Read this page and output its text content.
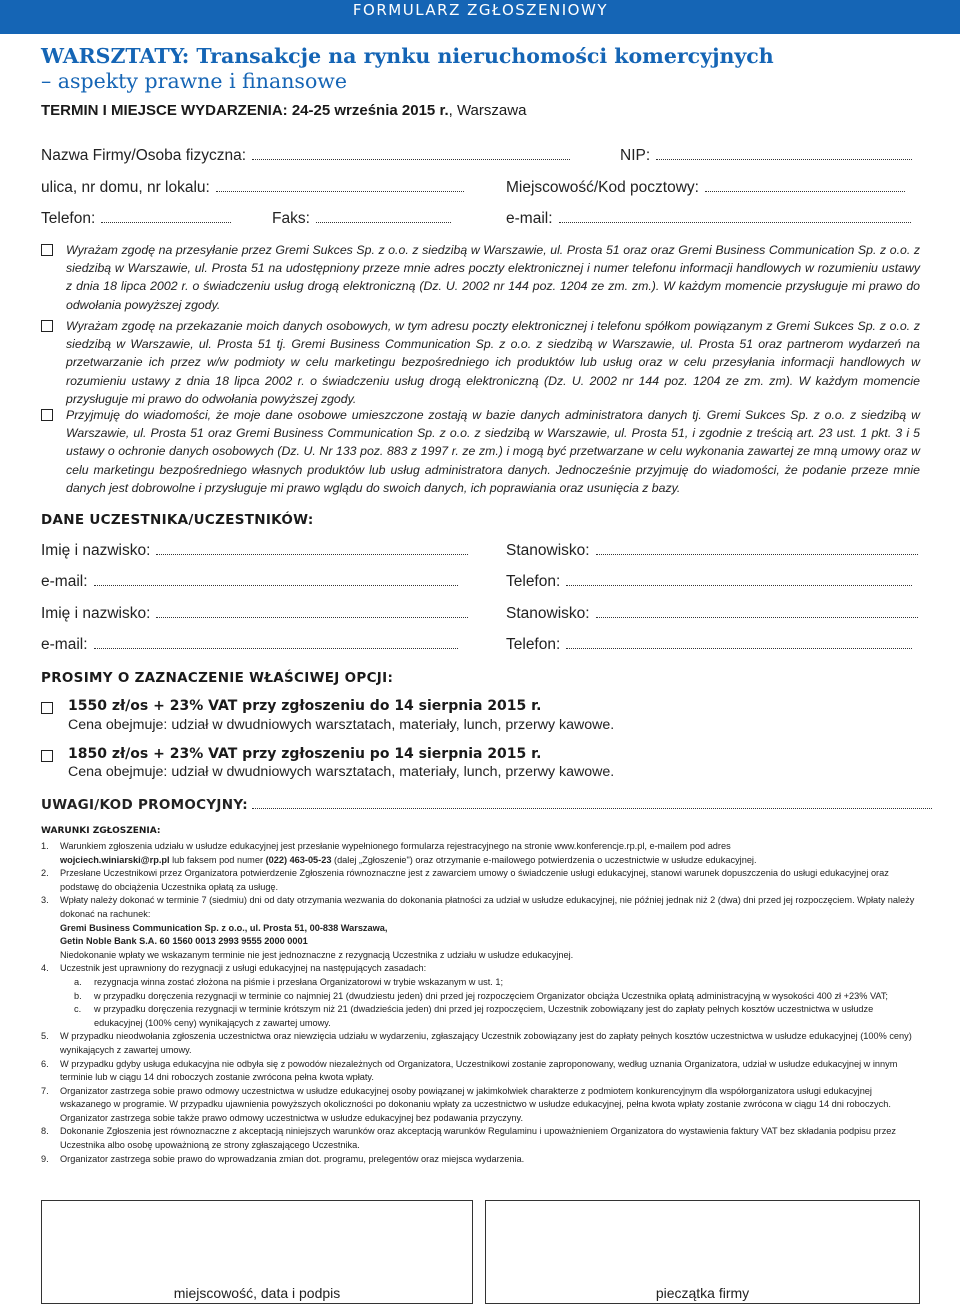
FORMULARZ ZGŁOSZENIOWY
WARSZTATY: Transakcje na rynku nieruchomości komercyjnych
– aspekty prawne i finansowe
TERMIN I MIEJSCE WYDARZENIA: 24-25 września 2015 r., Warszawa
Nazwa Firmy/Osoba fizyczna:	NIP:
ulica, nr domu, nr lokalu:	Miejscowość/Kod pocztowy:
Telefon:	Faks:	e-mail:
Wyrażam zgodę na przesyłanie przez Gremi Sukces Sp. z o.o. z siedzibą w Warszawie, ul. Prosta 51 oraz oraz Gremi Business Communication Sp. z o.o. z siedzibą w Warszawie, ul. Prosta 51 na udostępniony przeze mnie adres poczty elektronicznej i numer telefonu informacji handlowych w rozumieniu ustawy z dnia 18 lipca 2002 r. o świadczeniu usług drogą elektroniczną (Dz. U. 2002 nr 144 poz. 1204 ze zm. zm.). W każdym momencie przysługuje mi prawo do odwołania powyższej zgody.
Wyrażam zgodę na przekazanie moich danych osobowych, w tym adresu poczty elektronicznej i telefonu spółkom powiązanym z Gremi Sukces Sp. z o.o. z siedzibą w Warszawie, ul. Prosta 51 tj. Gremi Business Communication Sp. z o.o. z siedzibą w Warszawie, ul. Prosta 51 oraz partnerom wydarzeń na przetwarzanie ich przez w/w podmioty w celu marketingu bezpośredniego ich produktów lub usług oraz w celu przesyłania informacji handlowych w rozumieniu ustawy z dnia 18 lipca 2002 r. o świadczeniu usług drogą elektroniczną (Dz. U. 2002 nr 144 poz. 1204 ze zm. zm). W każdym momencie przysługuje mi prawo do odwołania powyższej zgody.
Przyjmuję do wiadomości, że moje dane osobowe umieszczone zostają w bazie danych administratora danych tj. Gremi Sukces Sp. z o.o. z siedzibą w Warszawie, ul. Prosta 51 oraz Gremi Business Communication Sp. z o.o. z siedzibą w Warszawie, ul. Prosta 51, i zgodnie z treścią art. 23 ust. 1 pkt. 3 i 5 ustawy o ochronie danych osobowych (Dz. U. Nr 133 poz. 883 z 1997 r. ze zm.) i mogą być przetwarzane w celu wykonania zawartej ze mną umowy oraz w celu marketingu bezpośredniego własnych produktów lub usług administratora danych. Jednocześnie przyjmuję do wiadomości, że podanie przeze mnie danych jest dobrowolne i przysługuje mi prawo wglądu do swoich danych, ich poprawiania oraz usunięcia z bazy.
DANE UCZESTNIKA/UCZESTNIKÓW:
Imię i nazwisko:	Stanowisko:
e-mail:	Telefon:
Imię i nazwisko:	Stanowisko:
e-mail:	Telefon:
PROSIMY O ZAZNACZENIE WŁAŚCIWEJ OPCJI:
1550 zł/os + 23% VAT przy zgłoszeniu do 14 sierpnia 2015 r.
Cena obejmuje: udział w dwudniowych warsztatach, materiały, lunch, przerwy kawowe.
1850 zł/os + 23% VAT przy zgłoszeniu po 14 sierpnia 2015 r.
Cena obejmuje: udział w dwudniowych warsztatach, materiały, lunch, przerwy kawowe.
UWAGI/KOD PROMOCYJNY:
WARUNKI ZGŁOSZENIA:
1.	Warunkiem zgłoszenia udziału w usłudze edukacyjnej jest przesłanie wypełnionego formularza rejestracyjnego na stronie www.konferencje.rp.pl, e-mailem pod adres
wojciech.winiarski@rp.pl lub faksem pod numer (022) 463-05-23 (dalej „Zgłoszenie") oraz otrzymanie e-mailowego potwierdzenia o uczestnictwie w usłudze edukacyjnej.
2.	Przesłane Uczestnikowi przez Organizatora potwierdzenie Zgłoszenia równoznaczne jest z zawarciem umowy o świadczenie usługi edukacyjnej, stanowi warunek dopuszczenia do usługi edukacyjnej oraz podstawę do obciążenia Uczestnika opłatą za usługę.
3.	Wpłaty należy dokonać w terminie 7 (siedmiu) dni od daty otrzymania wezwania do dokonania płatności za udział w usłudze edukacyjnej, nie później jednak niż 2 (dwa) dni przed jej rozpoczęciem. Wpłaty należy dokonać na rachunek:

Gremi Business Communication Sp. z o.o., ul. Prosta 51, 00-838 Warszawa,

Getin Noble Bank S.A. 60 1560 0013 2993 9555 2000 0001

Niedokonanie wpłaty we wskazanym terminie nie jest jednoznaczne z rezygnacją Uczestnika z udziału w usłudze edukacyjnej.

4.	Uczestnik jest uprawniony do rezygnacji z usługi edukacyjnej na następujących zasadach:
a.	rezygnacja winna zostać złożona na piśmie i przesłana Organizatorowi w trybie wskazanym w ust. 1;
b.	w przypadku doręczenia rezygnacji w terminie co najmniej 21 (dwudziestu jeden) dni przed jej rozpoczęciem Organizator obciąża Uczestnika opłatą administracyjną w wysokości 400 zł +23% VAT;
c.	w przypadku doręczenia rezygnacji w terminie krótszym niż 21 (dwadzieścia jeden) dni przed jej rozpoczęciem, Uczestnik zobowiązany jest do zapłaty pełnych kosztów uczestnictwa w usłudze edukacyjnej (100% ceny) wynikających z zawartej umowy.
5.	W przypadku nieodwołania zgłoszenia uczestnictwa oraz niewzięcia udziału w wydarzeniu, zgłaszający Uczestnik zobowiązany jest do zapłaty pełnych kosztów uczestnictwa w usłudze edukacyjnej (100% ceny) wynikających z zawartej umowy.
6.	W przypadku gdyby usługa edukacyjna nie odbyła się z powodów niezależnych od Organizatora, Uczestnikowi zostanie zaproponowany, według uznania Organizatora, udział w usłudze edukacyjnej w innym terminie lub w ciągu 14 dni roboczych zostanie zwrócona pełna kwota wpłaty.
7.	Organizator zastrzega sobie prawo odmowy uczestnictwa w usłudze edukacyjnej osoby powiązanej w jakimkolwiek charakterze z podmiotem konkurencyjnym dla współorganizatora usługi edukacyjnej wskazanego w programie. W przypadku ujawnienia powyższych okoliczności po dokonaniu wpłaty za uczestnictwo w usłudze edukacyjnej, pełna kwota wpłaty zostanie zwrócona w ciągu 14 dni roboczych. Organizator zastrzega sobie także prawo odmowy uczestnictwa w usłudze edukacyjnej bez podawania przyczyny.
8.	Dokonanie Zgłoszenia jest równoznaczne z akceptacją niniejszych warunków oraz akceptacją warunków Regulaminu i upoważnieniem Organizatora do wystawienia faktury VAT bez składania podpisu przez Uczestnika albo osobę upoważnioną ze strony zgłaszającego Uczestnika.
9.	Organizator zastrzega sobie prawo do wprowadzania zmian dot. programu, prelegentów oraz miejsca wydarzenia.
miejscowość, data i podpis	pieczątka firmy
